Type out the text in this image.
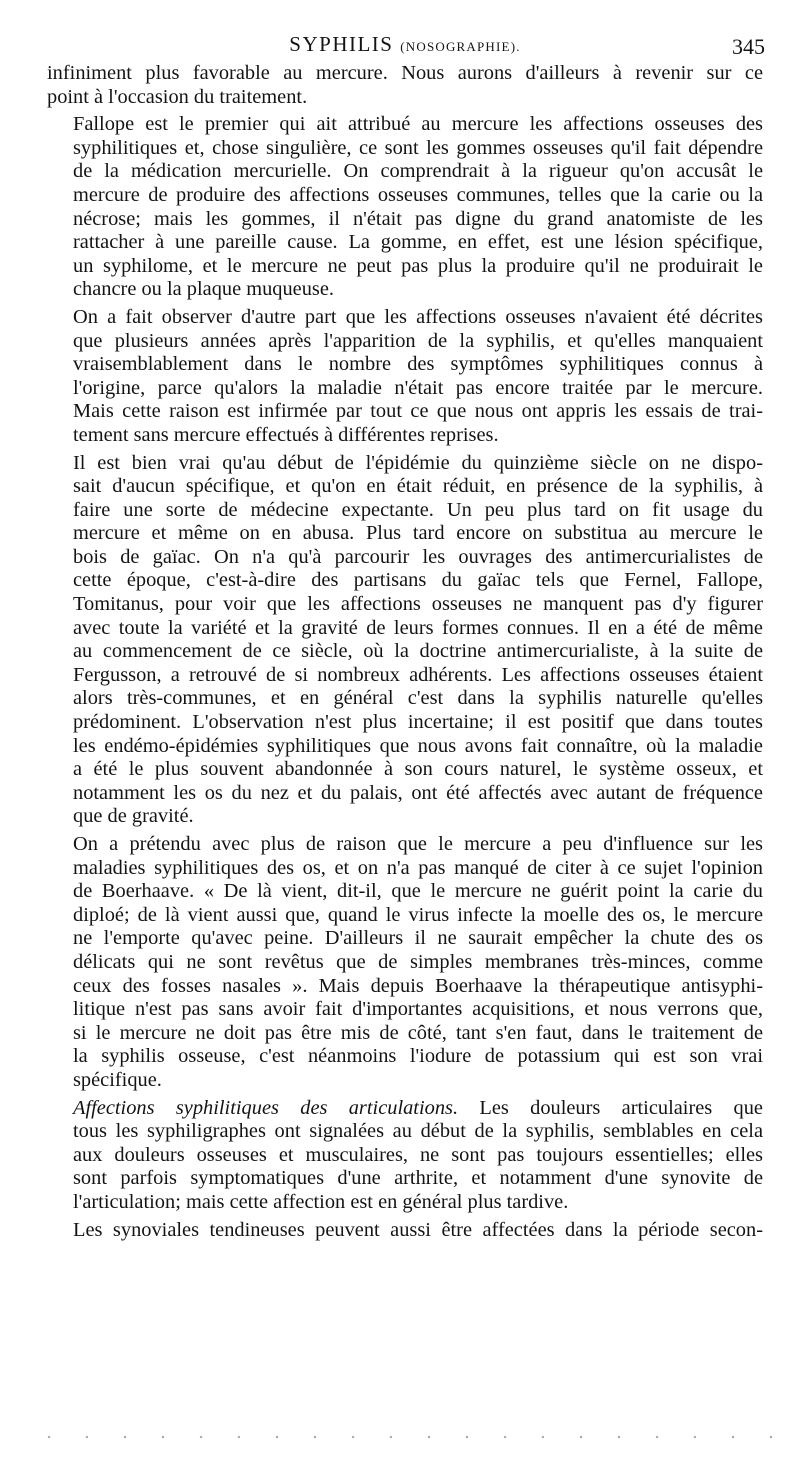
SYPHILIS (NOSOGRAPHIE).	345
infiniment plus favorable au mercure. Nous aurons d'ailleurs à revenir sur ce
point à l'occasion du traitement.
Fallope est le premier qui ait attribué au mercure les affections osseuses des
syphilitiques et, chose singulière, ce sont les gommes osseuses qu'il fait dépendre
de la médication mercurielle. On comprendrait à la rigueur qu'on accusât le
mercure de produire des affections osseuses communes, telles que la carie ou la
nécrose; mais les gommes, il n'était pas digne du grand anatomiste de les
rattacher à une pareille cause. La gomme, en effet, est une lésion spécifique,
un syphilome, et le mercure ne peut pas plus la produire qu'il ne produirait le
chancre ou la plaque muqueuse.
On a fait observer d'autre part que les affections osseuses n'avaient été décrites
que plusieurs années après l'apparition de la syphilis, et qu'elles manquaient
vraisemblablement dans le nombre des symptômes syphilitiques connus à
l'origine, parce qu'alors la maladie n'était pas encore traitée par le mercure.
Mais cette raison est infirmée par tout ce que nous ont appris les essais de trai-
tement sans mercure effectués à différentes reprises.
Il est bien vrai qu'au début de l'épidémie du quinzième siècle on ne dispo-
sait d'aucun spécifique, et qu'on en était réduit, en présence de la syphilis, à
faire une sorte de médecine expectante. Un peu plus tard on fit usage du
mercure et même on en abusa. Plus tard encore on substitua au mercure le
bois de gaïac. On n'a qu'à parcourir les ouvrages des antimercurialistes de
cette époque, c'est-à-dire des partisans du gaïac tels que Fernel, Fallope,
Tomitanus, pour voir que les affections osseuses ne manquent pas d'y figurer
avec toute la variété et la gravité de leurs formes connues. Il en a été de même
au commencement de ce siècle, où la doctrine antimercurialiste, à la suite de
Fergusson, a retrouvé de si nombreux adhérents. Les affections osseuses étaient
alors très-communes, et en général c'est dans la syphilis naturelle qu'elles
prédominent. L'observation n'est plus incertaine; il est positif que dans toutes
les endémo-épidémies syphilitiques que nous avons fait connaître, où la maladie
a été le plus souvent abandonnée à son cours naturel, le système osseux, et
notamment les os du nez et du palais, ont été affectés avec autant de fréquence
que de gravité.
On a prétendu avec plus de raison que le mercure a peu d'influence sur les
maladies syphilitiques des os, et on n'a pas manqué de citer à ce sujet l'opinion
de Boerhaave. « De là vient, dit-il, que le mercure ne guérit point la carie du
diploé; de là vient aussi que, quand le virus infecte la moelle des os, le mercure
ne l'emporte qu'avec peine. D'ailleurs il ne saurait empêcher la chute des os
délicats qui ne sont revêtus que de simples membranes très-minces, comme
ceux des fosses nasales ». Mais depuis Boerhaave la thérapeutique antisyphi-
litique n'est pas sans avoir fait d'importantes acquisitions, et nous verrons que,
si le mercure ne doit pas être mis de côté, tant s'en faut, dans le traitement de
la syphilis osseuse, c'est néanmoins l'iodure de potassium qui est son vrai
spécifique.
Affections syphilitiques des articulations. Les douleurs articulaires que
tous les syphiligraphes ont signalées au début de la syphilis, semblables en cela
aux douleurs osseuses et musculaires, ne sont pas toujours essentielles; elles
sont parfois symptomatiques d'une arthrite, et notamment d'une synovite de
l'articulation; mais cette affection est en général plus tardive.
Les synoviales tendineuses peuvent aussi être affectées dans la période secon-
